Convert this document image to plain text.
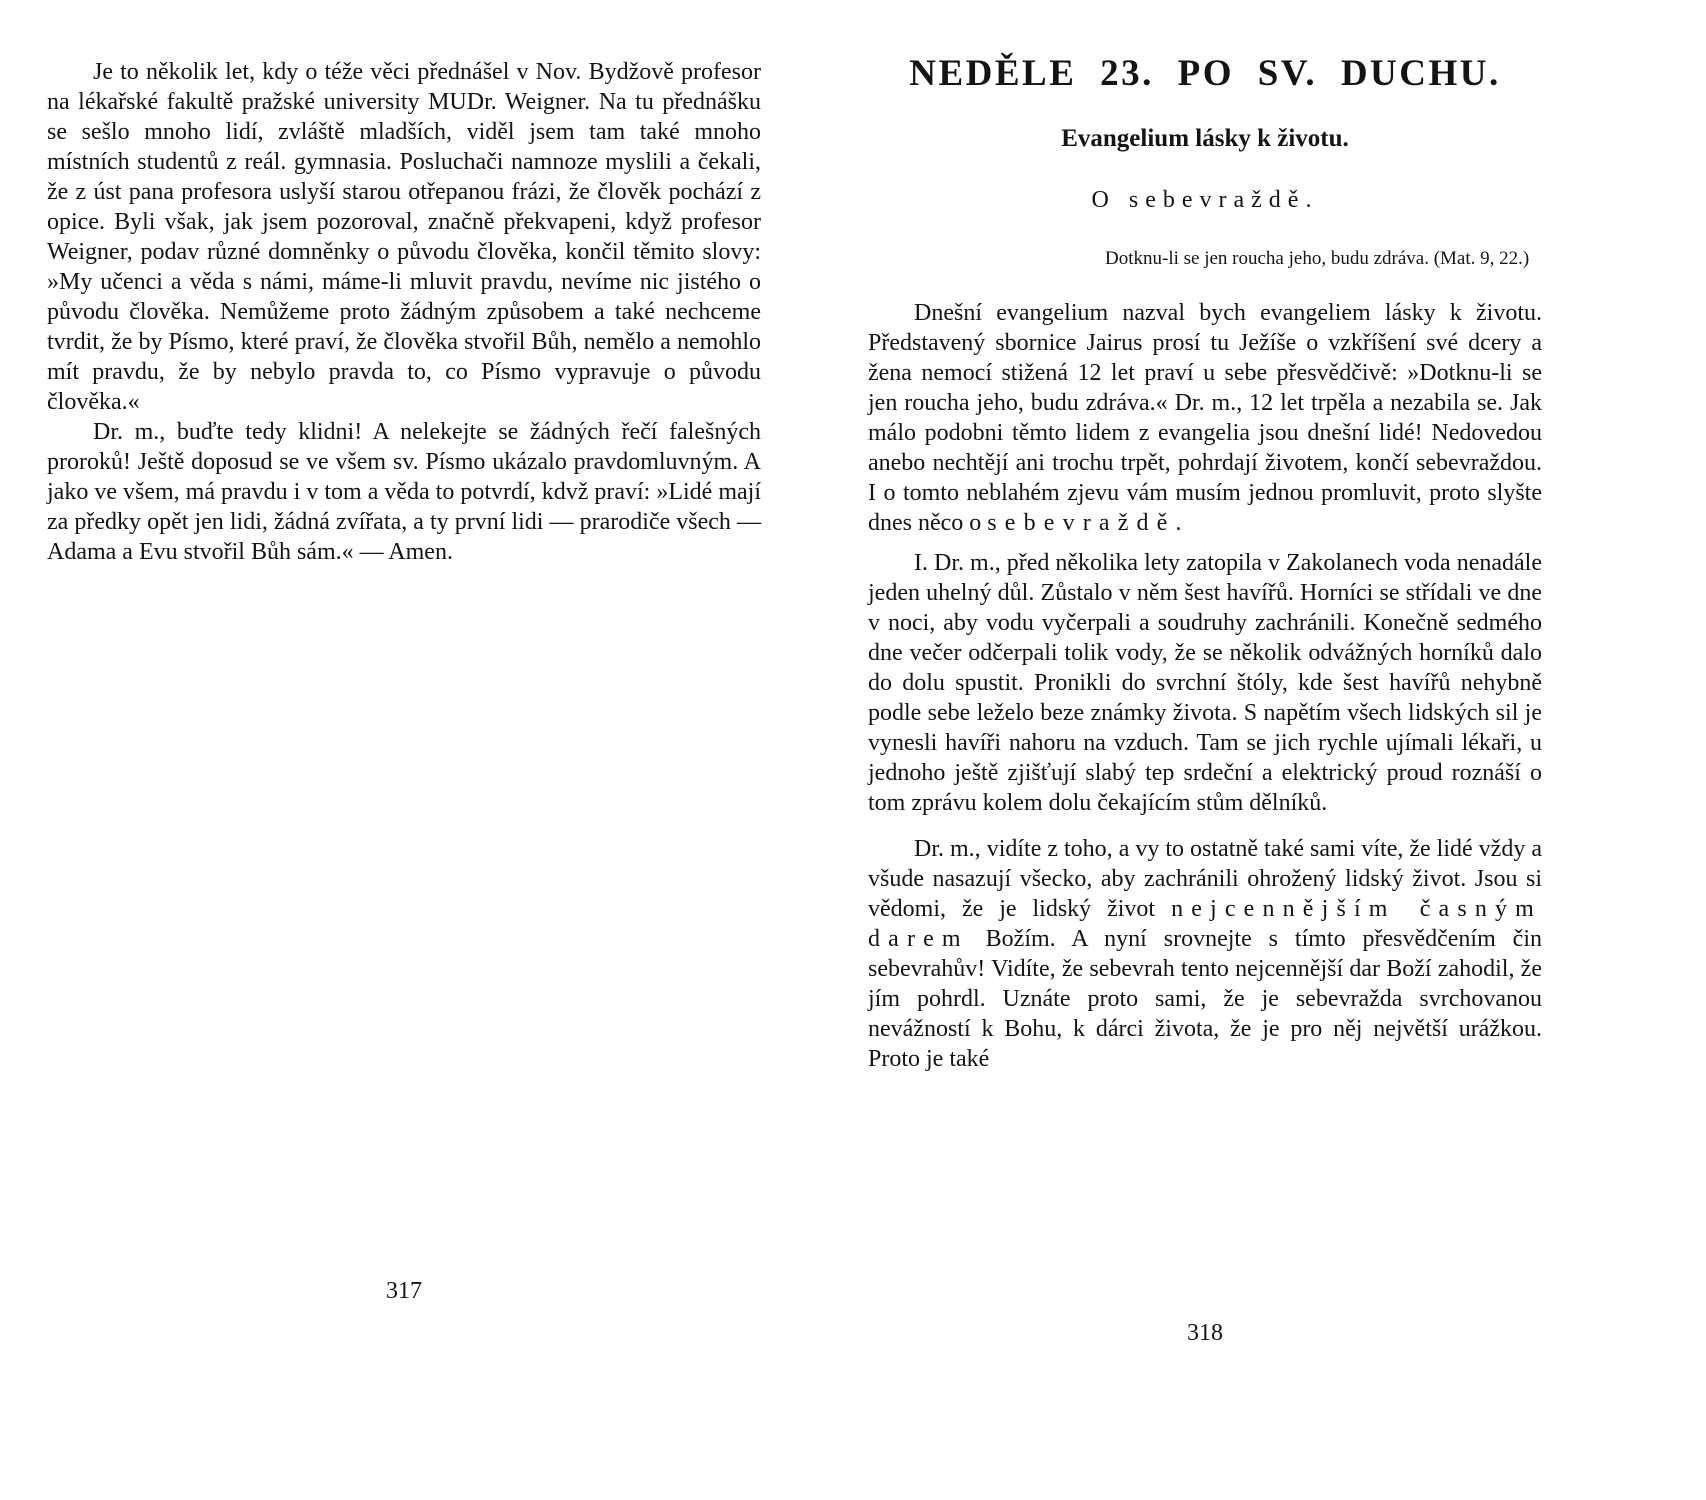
Je to několik let, kdy o téže věci přednášel v Nov. Bydžově profesor na lékařské fakultě pražské university MUDr. Weigner. Na tu přednášku se sešlo mnoho lidí, zvláště mladších, viděl jsem tam také mnoho místních studentů z reál. gymnasia. Posluchači namnoze myslili a čekali, že z úst pana profesora uslyší starou otřepanou frázi, že člověk pochází z opice. Byli však, jak jsem pozoroval, značně překvapeni, když profesor Weigner, podav různé domněnky o původu člověka, končil těmito slovy: »My učenci a věda s námi, máme-li mluvit pravdu, nevíme nic jistého o původu člověka. Nemůžeme proto žádným způsobem a také nechceme tvrdit, že by Písmo, které praví, že člověka stvořil Bůh, nemělo a nemohlo mít pravdu, že by nebylo pravda to, co Písmo vypravuje o původu člověka.«

Dr. m., buďte tedy klidni! A nelekejte se žádných řečí falešných proroků! Ještě doposud se ve všem sv. Písmo ukázalo pravdomluvným. A jako ve všem, má pravdu i v tom a věda to potvrdí, kdvž praví: »Lidé mají za předky opět jen lidi, žádná zvířata, a ty první lidi — prarodiče všech — Adama a Evu stvořil Bůh sám.« — Amen.

317
NEDĚLE 23. PO SV. DUCHU.
Evangelium lásky k životu.
O sebevraždě.
Dotknu-li se jen roucha jeho, budu zdráva. (Mat. 9, 22.)

Dnešní evangelium nazval bych evangeliem lásky k životu. Představený sbornice Jairus prosí tu Ježíše o vzkříšení své dcery a žena nemocí stižená 12 let praví u sebe přesvědčivě: »Dotknu-li se jen roucha jeho, budu zdráva.« Dr. m., 12 let trpěla a nezabila se. Jak málo podobni těmto lidem z evangelia jsou dnešní lidé! Nedovedou anebo nechtějí ani trochu trpět, pohrdají životem, končí sebevraždou. I o tomto neblahém zjevu vám musím jednou promluvit, proto slyšte dnes něco o sebevraždě.

I. Dr. m., před několika lety zatopila v Zakolanech voda nenadále jeden uhelný důl. Zůstalo v něm šest havířů. Horníci se střídali ve dne v noci, aby vodu vyčerpali a soudruhy zachránili. Konečně sedmého dne večer odčerpali tolik vody, že se několik odvážných horníků dalo do dolu spustit. Pronikli do svrchní štóly, kde šest havířů nehybně podle sebe leželo beze známky života. S napětím všech lidských sil je vynesli havíři nahoru na vzduch. Tam se jich rychle ujímali lékaři, u jednoho ještě zjišťují slabý tep srdeční a elektrický proud roznáší o tom zprávu kolem dolu čekajícím stům dělníků.

Dr. m., vidíte z toho, a vy to ostatně také sami víte, že lidé vždy a všude nasazují všecko, aby zachránili ohrožený lidský život. Jsou si vědomi, že je lidský život nejcennějším časným darem Božím. A nyní srovnejte s tímto přesvědčením čin sebevrahův! Vidíte, že sebevrah tento nejcennější dar Boží zahodil, že jím pohrdl. Uznáte proto sami, že je sebevražda svrchovanou nevážností k Bohu, k dárci života, že je pro něj největší urážkou. Proto je také

318
